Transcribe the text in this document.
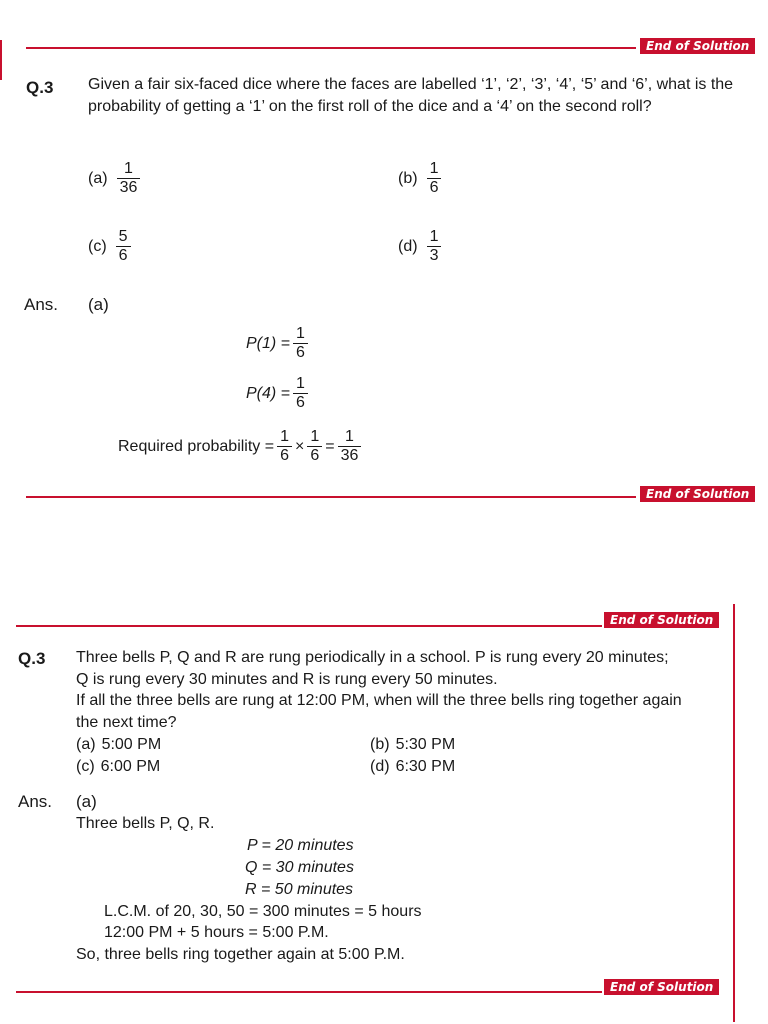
End of Solution
Q.3 Given a fair six-faced dice where the faces are labelled ‘1’, ‘2’, ‘3’, ‘4’, ‘5’ and ‘6’, what is the probability of getting a ‘1’ on the first roll of the dice and a ‘4’ on the second roll?
$(a) \frac{1}{36}$	$(b) \frac{1}{6}$
$(c) \frac{5}{6}$	$(d) \frac{1}{3}$
Ans. (a)
$P(1) = \frac{1}{6}$
$P(4) = \frac{1}{6}$
Required probability = $\frac{1}{6} \times \frac{1}{6} = \frac{1}{36}$
End of Solution
End of Solution
Q.3 Three bells P, Q and R are rung periodically in a school. P is rung every 20 minutes;
Q is rung every 30 minutes and R is rung every 50 minutes.
If all the three bells are rung at 12:00 PM, when will the three bells ring together again
the next time?
(a) 5:00 PM	(b) 5:30 PM
(c) 6:00 PM	(d) 6:30 PM
Ans. (a)
Three bells P, Q, R.
P = 20 minutes
Q = 30 minutes
R = 50 minutes
L.C.M. of 20, 30, 50 = 300 minutes = 5 hours
12:00 PM + 5 hours = 5:00 P.M.
So, three bells ring together again at 5:00 P.M.
End of Solution
